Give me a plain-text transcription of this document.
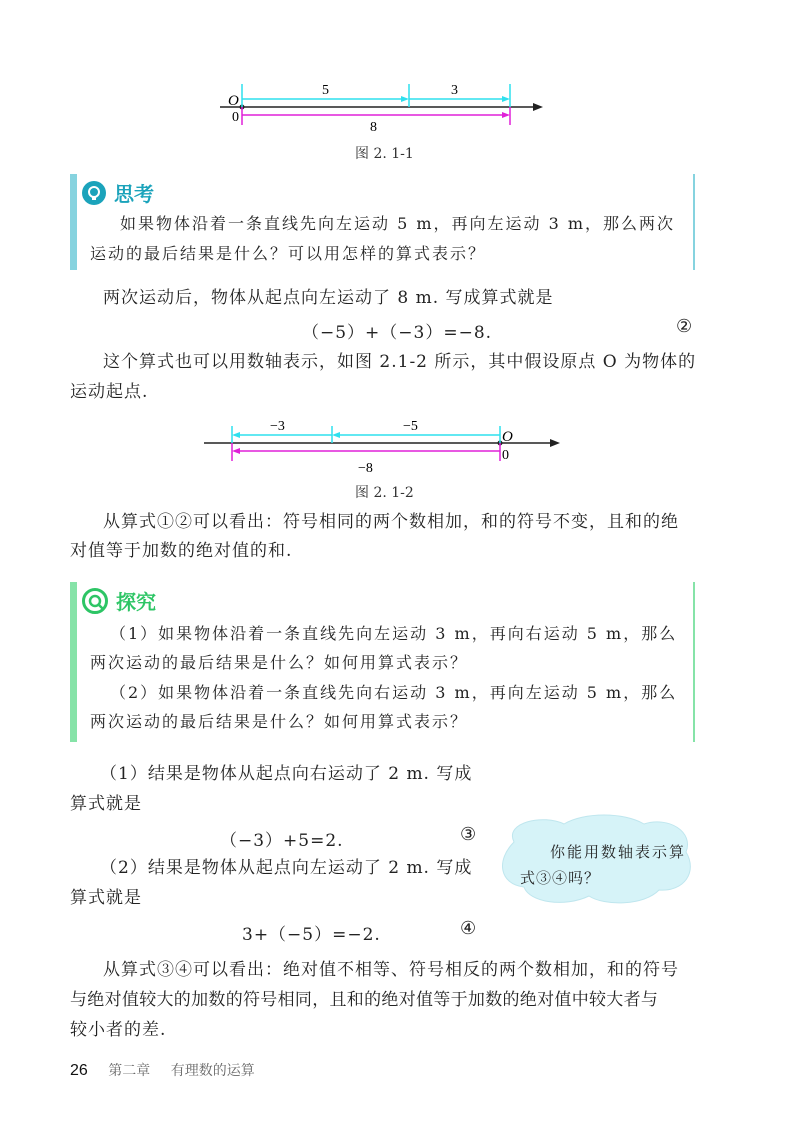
O
0
5	3
8
图 2. 1-1
思考
如果物体沿着一条直线先向左运动 5 m，再向左运动 3 m，那么两次
运动的最后结果是什么？可以用怎样的算式表示？
两次运动后，物体从起点向左运动了 8 m. 写成算式就是
（−5）+（−3）=−8.	②
这个算式也可以用数轴表示，如图 2.1-2 所示，其中假设原点 O 为物体的
运动起点.
O
0
−3	−5
−8
图 2. 1-2
从算式①②可以看出：符号相同的两个数相加，和的符号不变，且和的绝
对值等于加数的绝对值的和.
探究
（1）如果物体沿着一条直线先向左运动 3 m，再向右运动 5 m，那么
两次运动的最后结果是什么？如何用算式表示？
（2）如果物体沿着一条直线先向右运动 3 m，再向左运动 5 m，那么
两次运动的最后结果是什么？如何用算式表示？
（1）结果是物体从起点向右运动了 2 m. 写成
算式就是
（−3）+5=2.	③
（2）结果是物体从起点向左运动了 2 m. 写成
算式就是
3+（−5）=−2.	④
你能用数轴表示算
式③④吗？
从算式③④可以看出：绝对值不相等、符号相反的两个数相加，和的符号
与绝对值较大的加数的符号相同，且和的绝对值等于加数的绝对值中较大者与
较小者的差.
26 第二章 有理数的运算
